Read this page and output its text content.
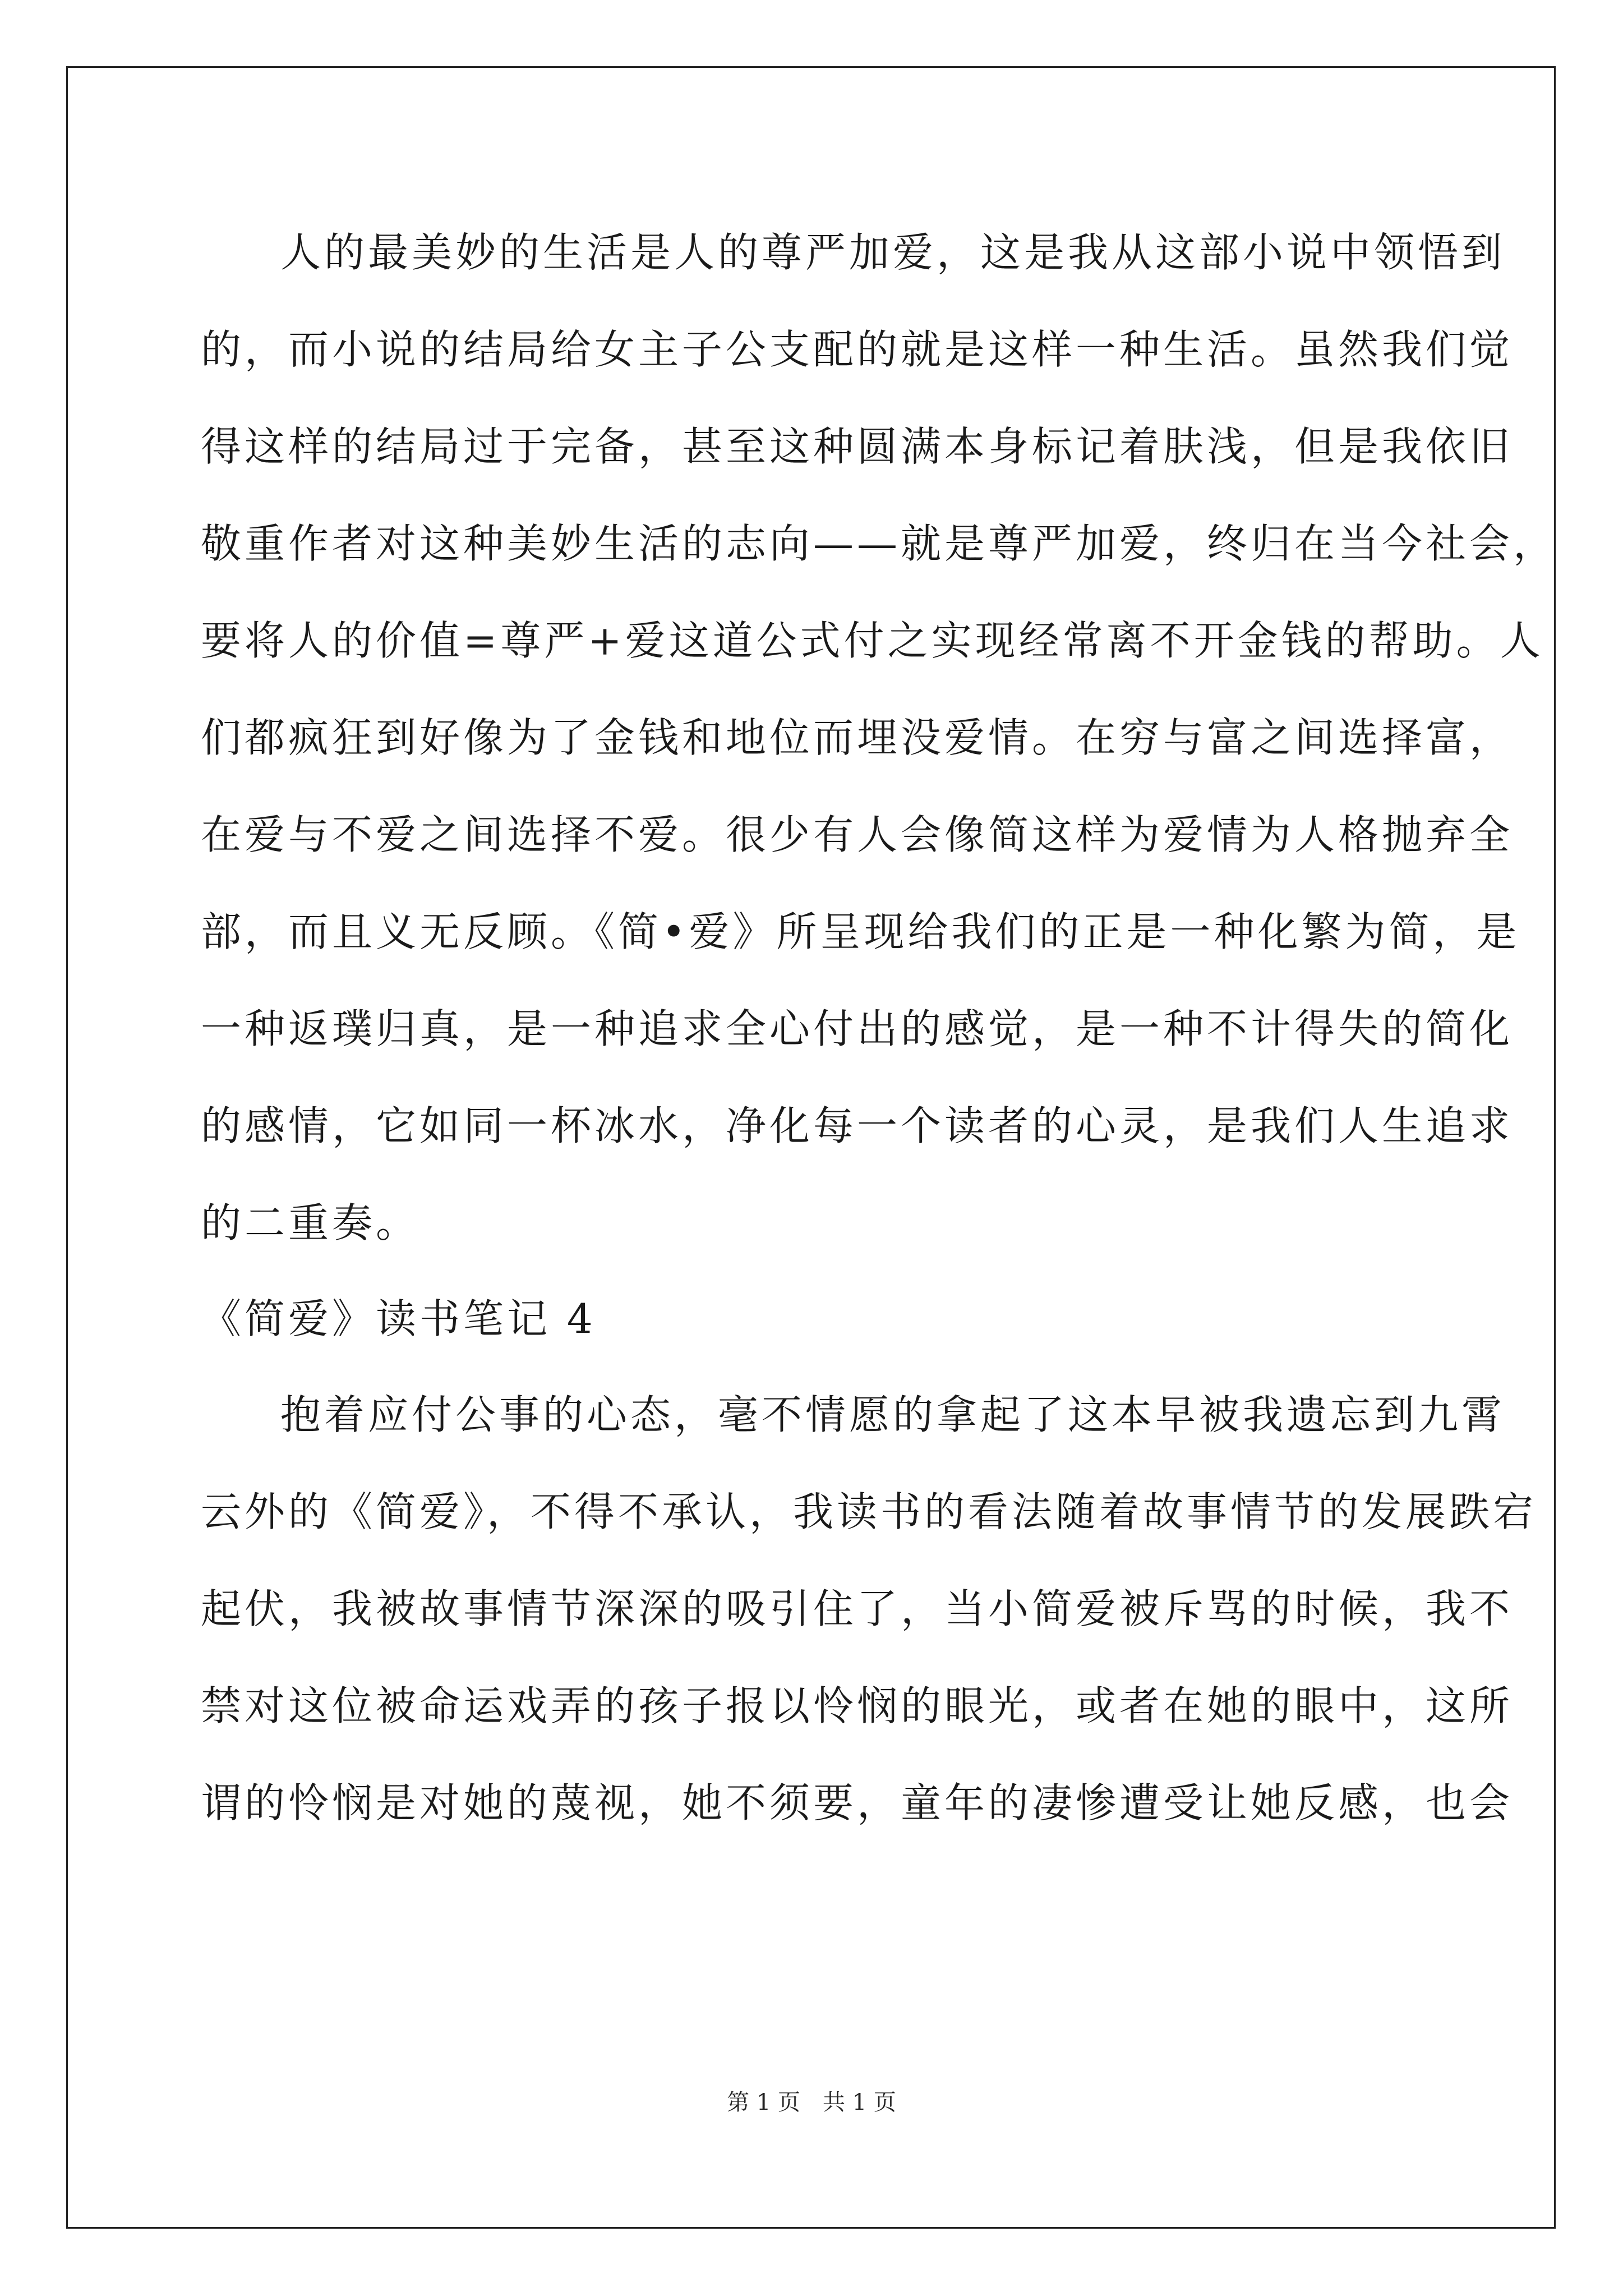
人的最美妙的生活是人的尊严加爱，这是我从这部小说中领悟到
的，而小说的结局给女主子公支配的就是这样一种生活。虽然我们觉
得这样的结局过于完备，甚至这种圆满本身标记着肤浅，但是我依旧
敬重作者对这种美妙生活的志向——就是尊严加爱，终归在当今社会，
要将人的价值=尊严+爱这道公式付之实现经常离不开金钱的帮助。人
们都疯狂到好像为了金钱和地位而埋没爱情。在穷与富之间选择富，
在爱与不爱之间选择不爱。很少有人会像简这样为爱情为人格抛弃全
部，而且义无反顾。《简•爱》所呈现给我们的正是一种化繁为简，是
一种返璞归真，是一种追求全心付出的感觉，是一种不计得失的简化
的感情，它如同一杯冰水，净化每一个读者的心灵，是我们人生追求
的二重奏。
《简爱》读书笔记 4
抱着应付公事的心态，毫不情愿的拿起了这本早被我遗忘到九霄
云外的《简爱》，不得不承认，我读书的看法随着故事情节的发展跌宕
起伏，我被故事情节深深的吸引住了，当小简爱被斥骂的时候，我不
禁对这位被命运戏弄的孩子报以怜悯的眼光，或者在她的眼中，这所
谓的怜悯是对她的蔑视，她不须要，童年的凄惨遭受让她反感，也会
第 1 页　共 1 页
